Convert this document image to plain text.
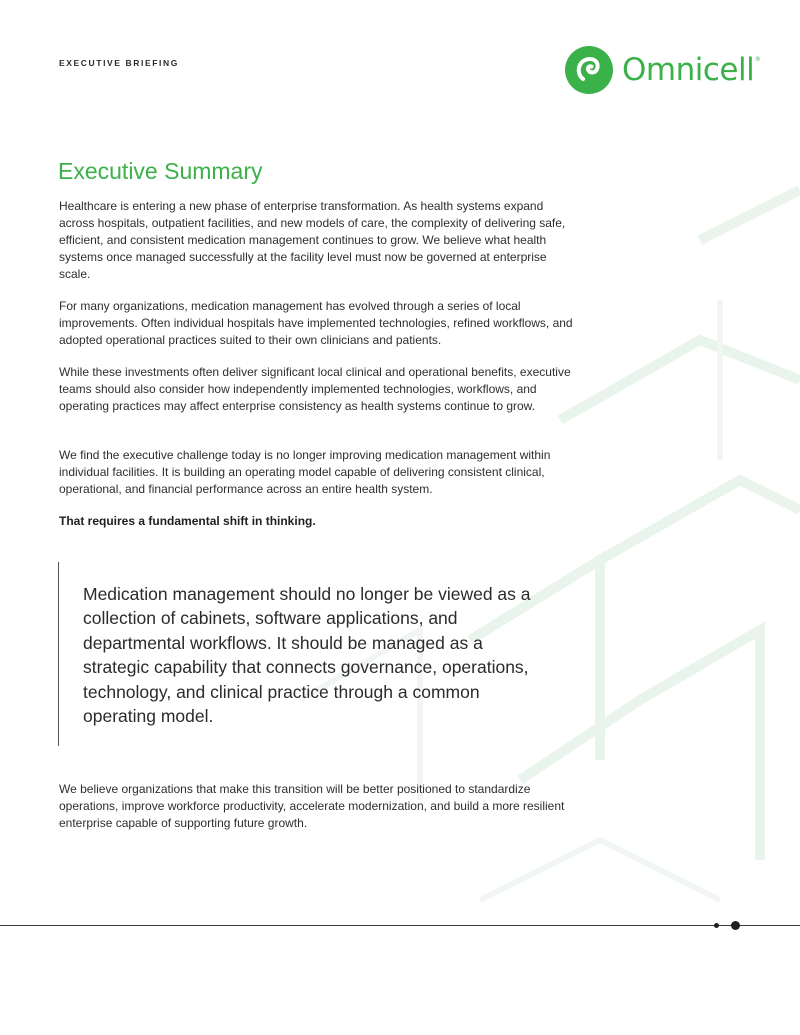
EXECUTIVE BRIEFING	Omnicell ®
Executive Summary

Healthcare is entering a new phase of enterprise transformation. As health systems expand across hospitals, outpatient facilities, and new models of care, the complexity of delivering safe, efficient, and consistent medication management continues to grow. We believe what health systems once managed successfully at the facility level must now be governed at enterprise scale.

For many organizations, medication management has evolved through a series of local improvements. Often individual hospitals have implemented technologies, refined workflows, and adopted operational practices suited to their own clinicians and patients.

While these investments often deliver significant local clinical and operational benefits, executive teams should also consider how independently implemented technologies, workflows, and operating practices may affect enterprise consistency as health systems continue to grow.

We find the executive challenge today is no longer improving medication management within individual facilities. It is building an operating model capable of delivering consistent clinical, operational, and financial performance across an entire health system.

That requires a fundamental shift in thinking.

Medication management should no longer be viewed as a collection of cabinets, software applications, and departmental workflows. It should be managed as a strategic capability that connects governance, operations, technology, and clinical practice through a common operating model.

We believe organizations that make this transition will be better positioned to standardize operations, improve workforce productivity, accelerate modernization, and build a more resilient enterprise capable of supporting future growth.
